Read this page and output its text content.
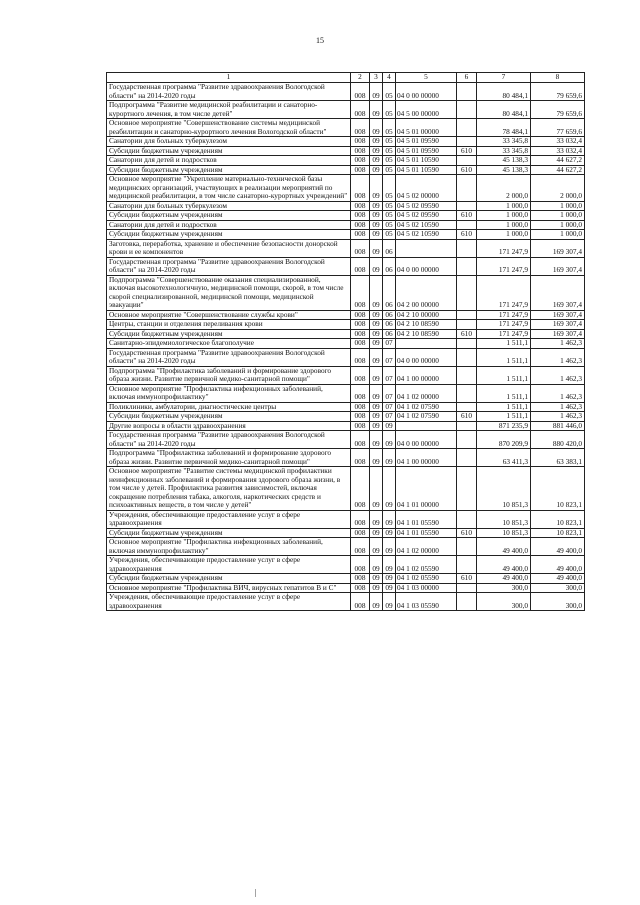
15
1	2	3	4	5	6	7	8
Государственная программа "Развитие здравоохранения Вологодской области" на 2014-2020 годы	008	09	05	04 0 00 00000		80 484,1	79 659,6
Подпрограмма "Развитие медицинской реабилитации и санаторно-курортного лечения, в том числе детей"	008	09	05	04 5 00 00000		80 484,1	79 659,6
Основное мероприятие "Совершенствование системы медицинской реабилитации и санаторно-курортного лечения Вологодской области"	008	09	05	04 5 01 00000		78 484,1	77 659,6
Санатории для больных туберкулезом	008	09	05	04 5 01 09590		33 345,8	33 032,4
Субсидии бюджетным учреждениям	008	09	05	04 5 01 09590	610	33 345,8	33 032,4
Санатории для детей и подростков	008	09	05	04 5 01 10590		45 138,3	44 627,2
Субсидии бюджетным учреждениям	008	09	05	04 5 01 10590	610	45 138,3	44 627,2
Основное мероприятие "Укрепление материально-технической базы медицинских организаций, участвующих в реализации мероприятий по медицинской реабилитации, в том числе санаторно-курортных учреждений"	008	09	05	04 5 02 00000		2 000,0	2 000,0
Санатории для больных туберкулезом	008	09	05	04 5 02 09590		1 000,0	1 000,0
Субсидии бюджетным учреждениям	008	09	05	04 5 02 09590	610	1 000,0	1 000,0
Санатории для детей и подростков	008	09	05	04 5 02 10590		1 000,0	1 000,0
Субсидии бюджетным учреждениям	008	09	05	04 5 02 10590	610	1 000,0	1 000,0
Заготовка, переработка, хранение и обеспечение безопасности донорской крови и ее компонентов	008	09	06			171 247,9	169 307,4
Государственная программа "Развитие здравоохранения Вологодской области" на 2014-2020 годы	008	09	06	04 0 00 00000		171 247,9	169 307,4
Подпрограмма "Совершенствование оказания специализированной, включая высокотехнологичную, медицинской помощи, скорой, в том числе скорой специализированной, медицинской помощи, медицинской эвакуации"	008	09	06	04 2 00 00000		171 247,9	169 307,4
Основное мероприятие "Совершенствование службы крови"	008	09	06	04 2 10 00000		171 247,9	169 307,4
Центры, станции и отделения переливания крови	008	09	06	04 2 10 08590		171 247,9	169 307,4
Субсидии бюджетным учреждениям	008	09	06	04 2 10 08590	610	171 247,9	169 307,4
Санитарно-эпидемиологическое благополучие	008	09	07			1 511,1	1 462,3
Государственная программа "Развитие здравоохранения Вологодской области" на 2014-2020 годы	008	09	07	04 0 00 00000		1 511,1	1 462,3
Подпрограмма "Профилактика заболеваний и формирование здорового образа жизни. Развитие первичной медико-санитарной помощи"	008	09	07	04 1 00 00000		1 511,1	1 462,3
Основное мероприятие "Профилактика инфекционных заболеваний, включая иммунопрофилактику"	008	09	07	04 1 02 00000		1 511,1	1 462,3
Поликлиники, амбулатории, диагностические центры	008	09	07	04 1 02 07590		1 511,1	1 462,3
Субсидии бюджетным учреждениям	008	09	07	04 1 02 07590	610	1 511,1	1 462,3
Другие вопросы в области здравоохранения	008	09	09			871 235,9	881 446,0
Государственная программа "Развитие здравоохранения Вологодской области" на 2014-2020 годы	008	09	09	04 0 00 00000		870 209,9	880 420,0
Подпрограмма "Профилактика заболеваний и формирование здорового образа жизни. Развитие первичной медико-санитарной помощи"	008	09	09	04 1 00 00000		63 411,3	63 383,1
Основное мероприятие "Развитие системы медицинской профилактики неинфекционных заболеваний и формирования здорового образа жизни, в том числе у детей. Профилактика развития зависимостей, включая сокращение потребления табака, алкоголя, наркотических средств и психоактивных веществ, в том числе у детей"	008	09	09	04 1 01 00000		10 851,3	10 823,1
Учреждения, обеспечивающие предоставление услуг в сфере здравоохранения	008	09	09	04 1 01 05590		10 851,3	10 823,1
Субсидии бюджетным учреждениям	008	09	09	04 1 01 05590	610	10 851,3	10 823,1
Основное мероприятие "Профилактика инфекционных заболеваний, включая иммунопрофилактику"	008	09	09	04 1 02 00000		49 400,0	49 400,0
Учреждения, обеспечивающие предоставление услуг в сфере здравоохранения	008	09	09	04 1 02 05590		49 400,0	49 400,0
Субсидии бюджетным учреждениям	008	09	09	04 1 02 05590	610	49 400,0	49 400,0
Основное мероприятие "Профилактика ВИЧ, вирусных гепатитов В и С"	008	09	09	04 1 03 00000		300,0	300,0
Учреждения, обеспечивающие предоставление услуг в сфере здравоохранения	008	09	09	04 1 03 05590		300,0	300,0
|
